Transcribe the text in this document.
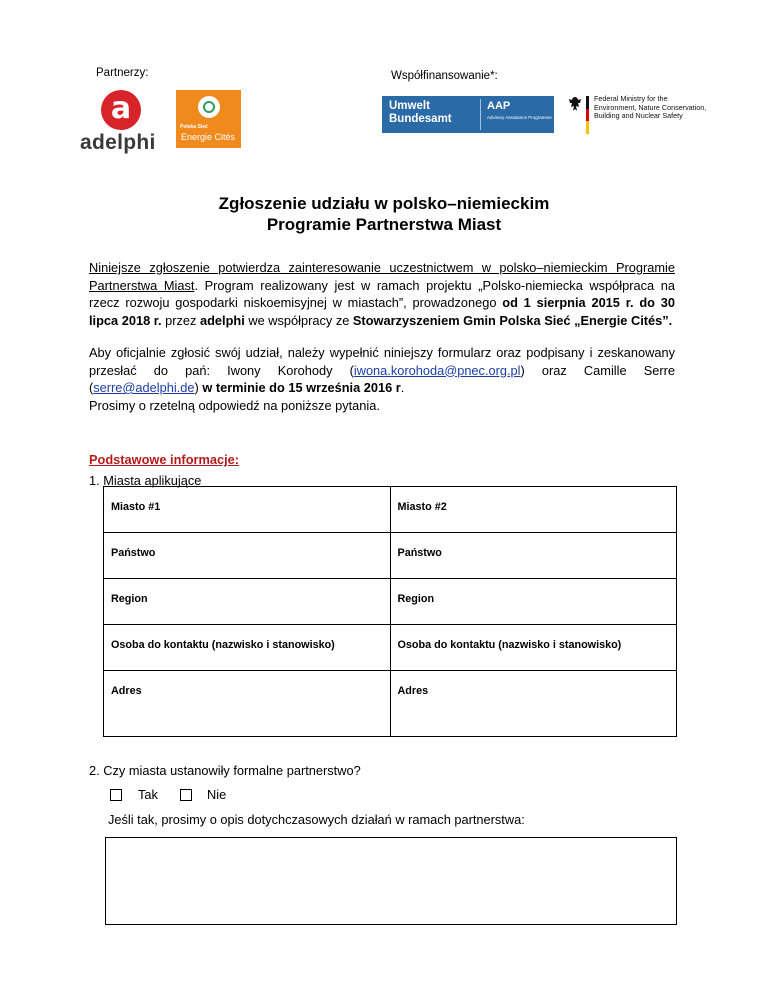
Partnerzy:	Współfinansowanie*:
a
adelphi
Polska Sieć
Energie Cités
Umwelt
Bundesamt
AAP
Advisory Assistance Programme
Federal Ministry for the
Environment, Nature Conservation,
Building and Nuclear Safety
Zgłoszenie udziału w polsko–niemieckim
Programie Partnerstwa Miast

Niniejsze zgłoszenie potwierdza zainteresowanie uczestnictwem w polsko–niemieckim Programie Partnerstwa Miast. Program realizowany jest w ramach projektu „Polsko-niemiecka współpraca na rzecz rozwoju gospodarki niskoemisyjnej w miastach”, prowadzonego od 1 sierpnia 2015 r. do 30 lipca 2018 r. przez adelphi we współpracy ze Stowarzyszeniem Gmin Polska Sieć „Energie Cités”.

Aby oficjalnie zgłosić swój udział, należy wypełnić niniejszy formularz oraz podpisany i zeskanowany przesłać do pań: Iwony Korohody (iwona.korohoda@pnec.org.pl) oraz Camille Serre (serre@adelphi.de) w terminie do 15 września 2016 r.

Prosimy o rzetelną odpowiedź na poniższe pytania.

Podstawowe informacje:
1. Miasta aplikujące
Miasto #1	Miasto #2
Państwo	Państwo
Region	Region
Osoba do kontaktu (nazwisko i stanowisko)	Osoba do kontaktu (nazwisko i stanowisko)
Adres	Adres
2. Czy miasta ustanowiły formalne partnerstwo?
Tak	Nie
Jeśli tak, prosimy o opis dotychczasowych działań w ramach partnerstwa:
